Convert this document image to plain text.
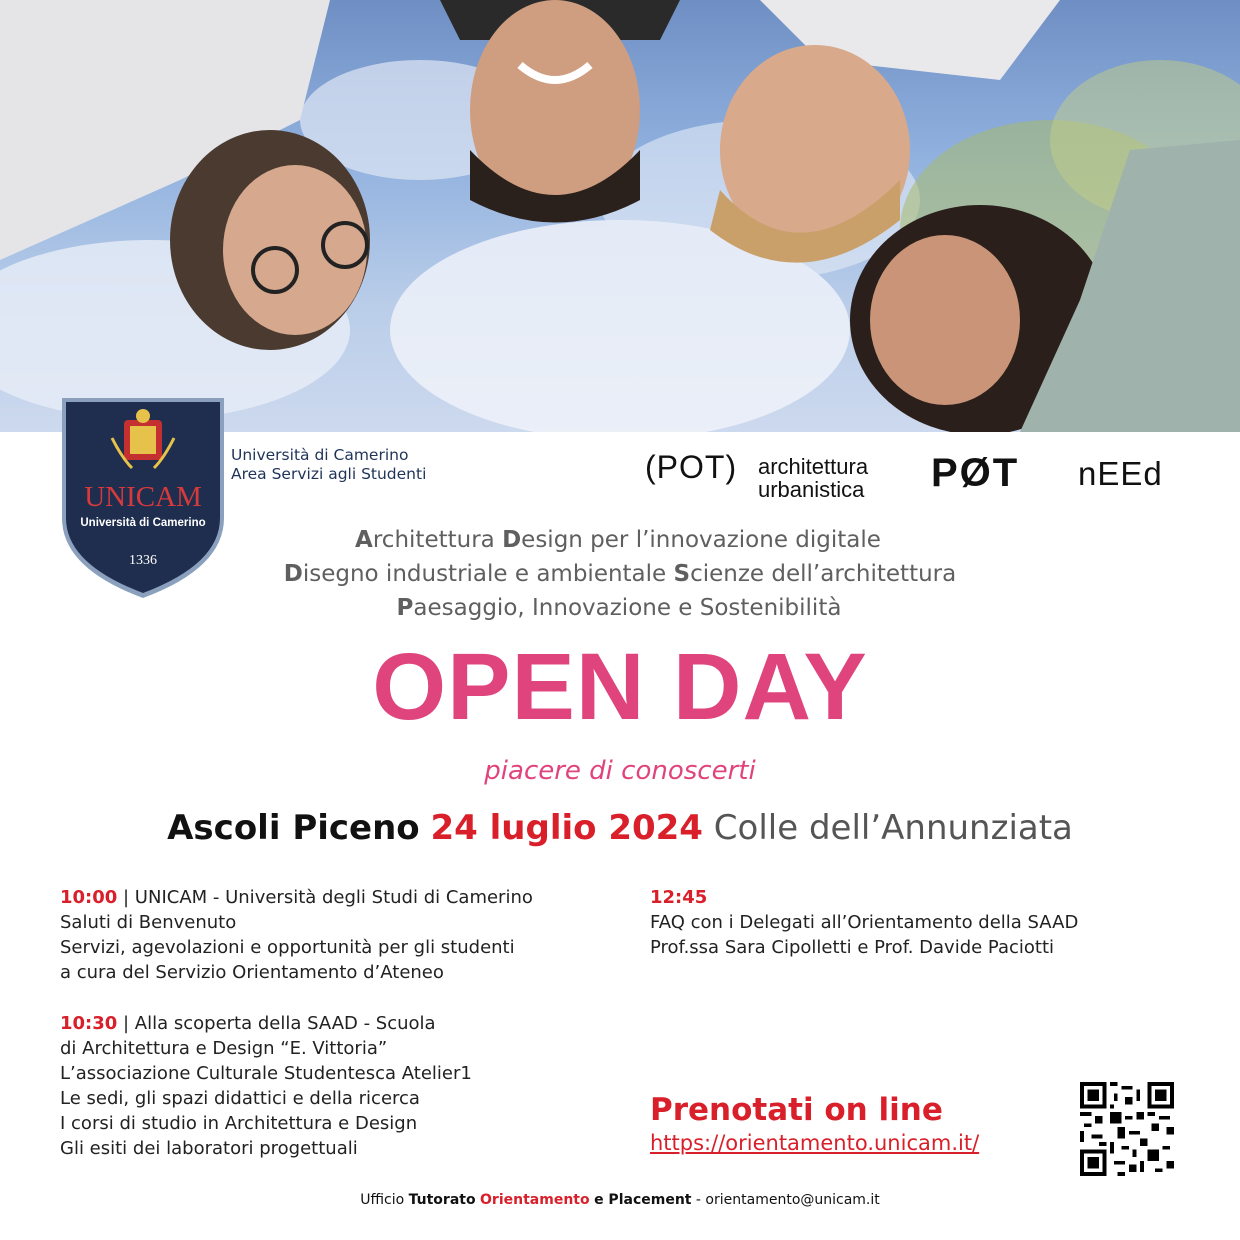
UNICAM
Università di Camerino
1336
Università di Camerino
Area Servizi agli Studenti	(POT) architettura
urbanistica PØT nEEd
Architettura Design per l’innovazione digitale
Disegno industriale e ambientale Scienze dell’architettura
Paesaggio, Innovazione e Sostenibilità
OPEN DAY
piacere di conoscerti
Ascoli Piceno 24 luglio 2024 Colle dell’Annunziata
10:00 | UNICAM - Università degli Studi di Camerino
Saluti di Benvenuto
Servizi, agevolazioni e opportunità per gli studenti
a cura del Servizio Orientamento d’Ateneo
10:30 | Alla scoperta della SAAD - Scuola
di Architettura e Design “E. Vittoria”
L’associazione Culturale Studentesca Atelier1
Le sedi, gli spazi didattici e della ricerca
I corsi di studio in Architettura e Design
Gli esiti dei laboratori progettuali
12:45
FAQ con i Delegati all’Orientamento della SAAD
Prof.ssa Sara Cipolletti e Prof. Davide Paciotti
Prenotati on line
https://orientamento.unicam.it/
Ufficio Tutorato Orientamento e Placement - orientamento@unicam.it
